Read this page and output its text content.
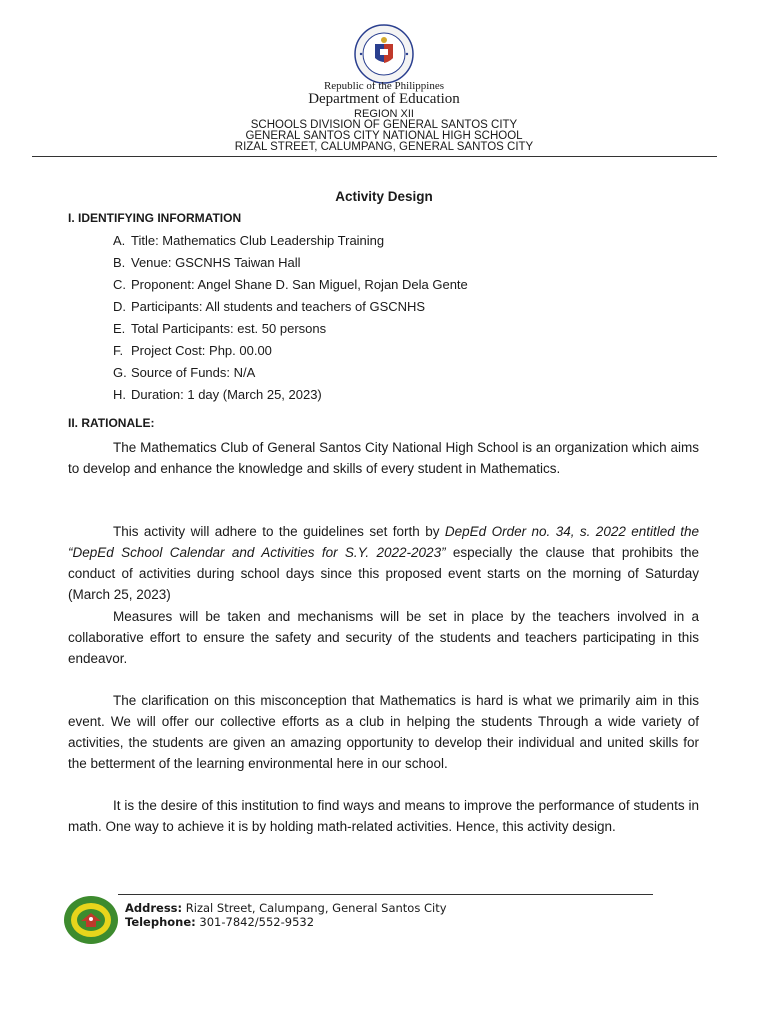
Republic of the Philippines
Department of Education
REGION XII
SCHOOLS DIVISION OF GENERAL SANTOS CITY
GENERAL SANTOS CITY NATIONAL HIGH SCHOOL
RIZAL STREET, CALUMPANG, GENERAL SANTOS CITY
Activity Design
I. IDENTIFYING INFORMATION
A. Title: Mathematics Club Leadership Training
B. Venue: GSCNHS Taiwan Hall
C. Proponent: Angel Shane D. San Miguel, Rojan Dela Gente
D. Participants: All students and teachers of GSCNHS
E. Total Participants: est. 50 persons
F. Project Cost: Php. 00.00
G. Source of Funds: N/A
H. Duration: 1 day (March 25, 2023)
II. RATIONALE:
The Mathematics Club of General Santos City National High School is an organization which aims to develop and enhance the knowledge and skills of every student in Mathematics.
This activity will adhere to the guidelines set forth by DepEd Order no. 34, s. 2022 entitled the “DepEd School Calendar and Activities for S.Y. 2022-2023” especially the clause that prohibits the conduct of activities during school days since this proposed event starts on the morning of Saturday (March 25, 2023)
Measures will be taken and mechanisms will be set in place by the teachers involved in a collaborative effort to ensure the safety and security of the students and teachers participating in this endeavor.
The clarification on this misconception that Mathematics is hard is what we primarily aim in this event. We will offer our collective efforts as a club in helping the students Through a wide variety of activities, the students are given an amazing opportunity to develop their individual and united skills for the betterment of the learning environmental here in our school.
It is the desire of this institution to find ways and means to improve the performance of students in math. One way to achieve it is by holding math-related activities. Hence, this activity design.
Address: Rizal Street, Calumpang, General Santos City
Telephone: 301-7842/552-9532
